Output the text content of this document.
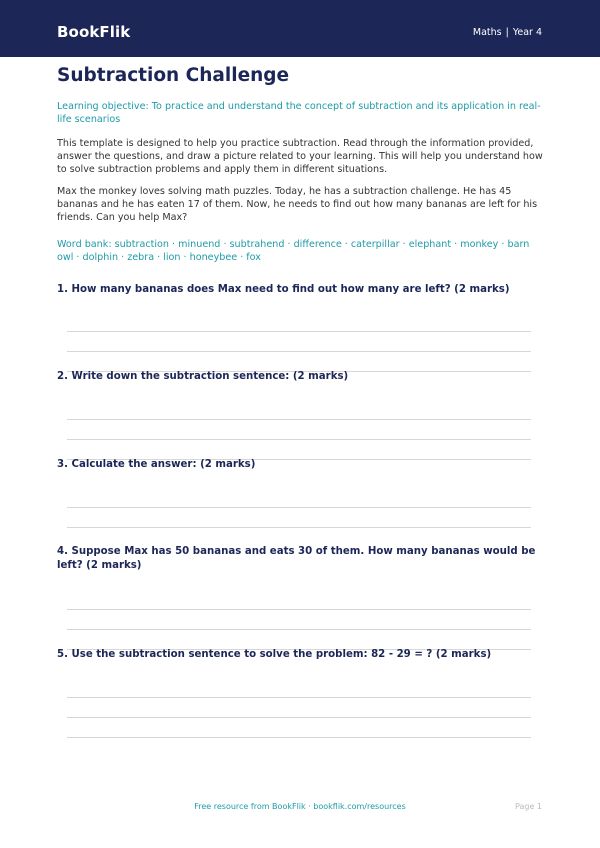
BookFlik	Maths | Year 4
Subtraction Challenge

Learning objective: To practice and understand the concept of subtraction and its application in real-life scenarios

This template is designed to help you practice subtraction. Read through the information provided, answer the questions, and draw a picture related to your learning. This will help you understand how to solve subtraction problems and apply them in different situations.

Max the monkey loves solving math puzzles. Today, he has a subtraction challenge. He has 45 bananas and he has eaten 17 of them. Now, he needs to find out how many bananas are left for his friends. Can you help Max?

Word bank: subtraction · minuend · subtrahend · difference · caterpillar · elephant · monkey · barn owl · dolphin · zebra · lion · honeybee · fox

1. How many bananas does Max need to find out how many are left? (2 marks)

2. Write down the subtraction sentence: (2 marks)

3. Calculate the answer: (2 marks)

4. Suppose Max has 50 bananas and eats 30 of them. How many bananas would be left? (2 marks)

5. Use the subtraction sentence to solve the problem: 82 - 29 = ? (2 marks)

Free resource from BookFlik · bookflik.com/resources	Page 1
